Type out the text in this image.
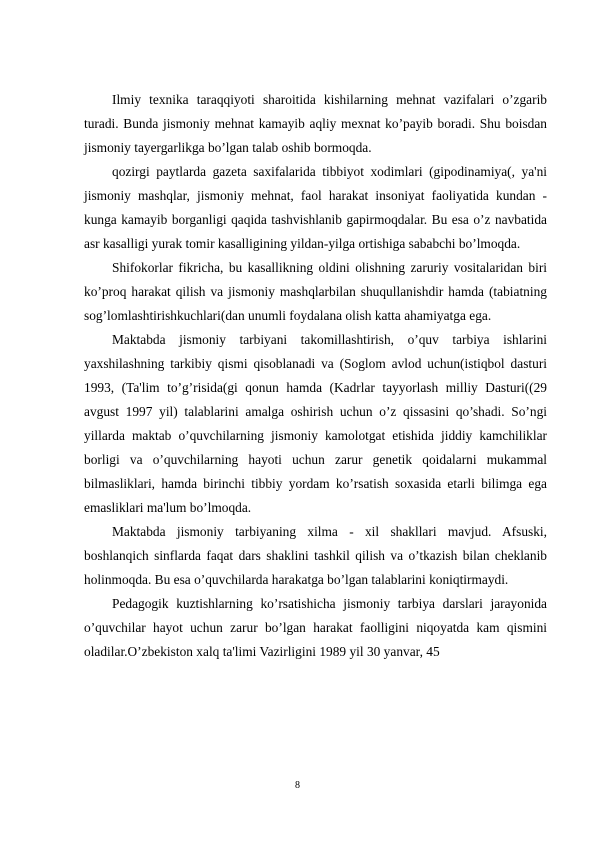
Ilmiy texnika taraqqiyoti sharoitida kishilarning mehnat vazifalari o’zgarib turadi. Bunda jismoniy mehnat kamayib aqliy mexnat ko’payib boradi. Shu boisdan jismoniy tayergarlikga bo’lgan talab oshib bormoqda.

qozirgi paytlarda gazeta saxifalarida tibbiyot xodimlari (gipodinamiya(, ya'ni jismoniy mashqlar, jismoniy mehnat, faol harakat insoniyat faoliyatida kundan - kunga kamayib borganligi qaqida tashvishlanib gapirmoqdalar. Bu esa o’z navbatida asr kasalligi yurak tomir kasalligining yildan-yilga ortishiga sababchi bo’lmoqda.

Shifokorlar fikricha, bu kasallikning oldini olishning zaruriy vositalaridan biri ko’proq harakat qilish va jismoniy mashqlarbilan shuqullanishdir hamda (tabiatning sog’lomlashtirishkuchlari(dan unumli foydalana olish katta ahamiyatga ega.

Maktabda jismoniy tarbiyani takomillashtirish, o’quv tarbiya ishlarini yaxshilashning tarkibiy qismi qisoblanadi va (Soglom avlod uchun(istiqbol dasturi 1993, (Ta'lim to’g’risida(gi qonun hamda (Kadrlar tayyorlash milliy Dasturi((29 avgust 1997 yil) talablarini amalga oshirish uchun o’z qissasini qo’shadi. So’ngi yillarda maktab o’quvchilarning jismoniy kamolotgat etishida jiddiy kamchiliklar borligi va o’quvchilarning hayoti uchun zarur genetik qoidalarni mukammal bilmasliklari, hamda birinchi tibbiy yordam ko’rsatish soxasida etarli bilimga ega emasliklari ma'lum bo’lmoqda.

Maktabda jismoniy tarbiyaning xilma - xil shakllari mavjud. Afsuski, boshlanqich sinflarda faqat dars shaklini tashkil qilish va o’tkazish bilan cheklanib holinmoqda. Bu esa o’quvchilarda harakatga bo’lgan talablarini koniqtirmaydi.

Pedagogik kuztishlarning ko’rsatishicha jismoniy tarbiya darslari jarayonida o’quvchilar hayot uchun zarur bo’lgan harakat faolligini niqoyatda kam qismini oladilar.O’zbekiston xalq ta'limi Vazirligini 1989 yil 30 yanvar, 45

8
